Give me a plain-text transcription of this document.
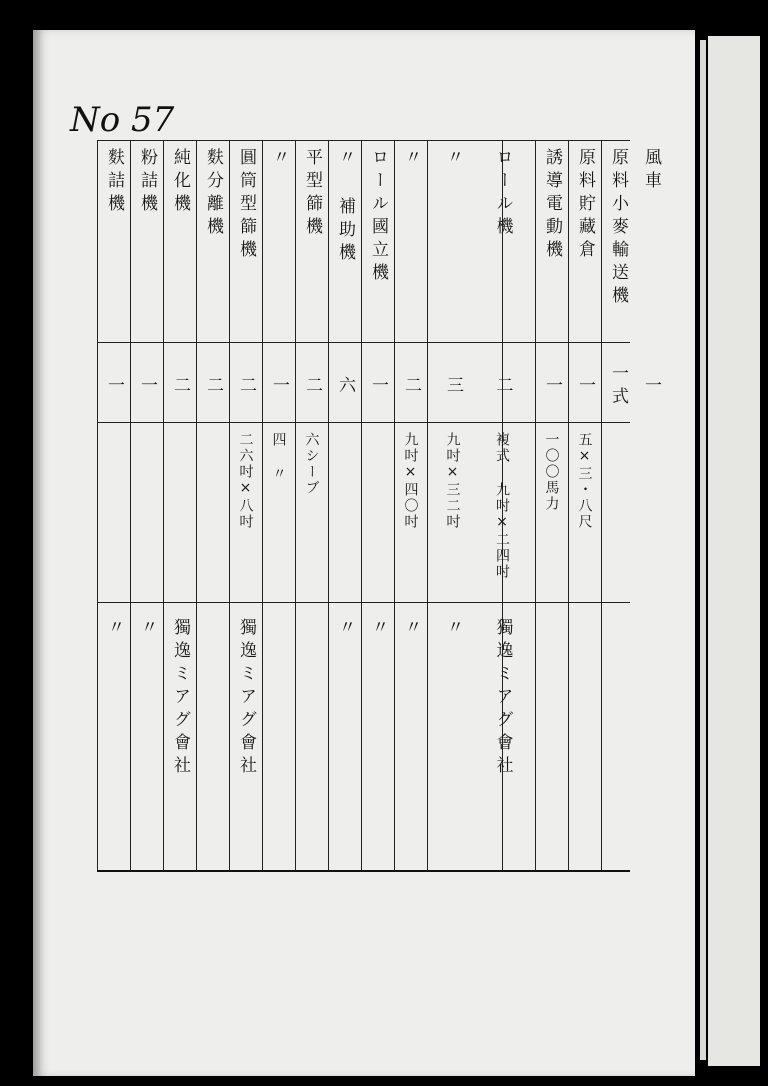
No 57
風車
一
原料小麥輸送機
一式
原料貯藏倉
一
五×三・八尺
誘導電動機
一
一〇〇馬力
ロール機
二
複式 九吋×二四吋
獨逸ミアグ會社
〃
三
九吋×三二吋
〃
〃
二
九吋×四〇吋
〃
ロール國立機
一
〃
〃 補助機
六
〃
平型篩機
二
六シーブ
〃
一
四 〃
圓筒型篩機
二
二六吋×八吋
獨逸ミアグ會社
麩分離機
二
純化機
二
獨逸ミアグ會社
粉詰機
一
〃
麩詰機
一
〃
